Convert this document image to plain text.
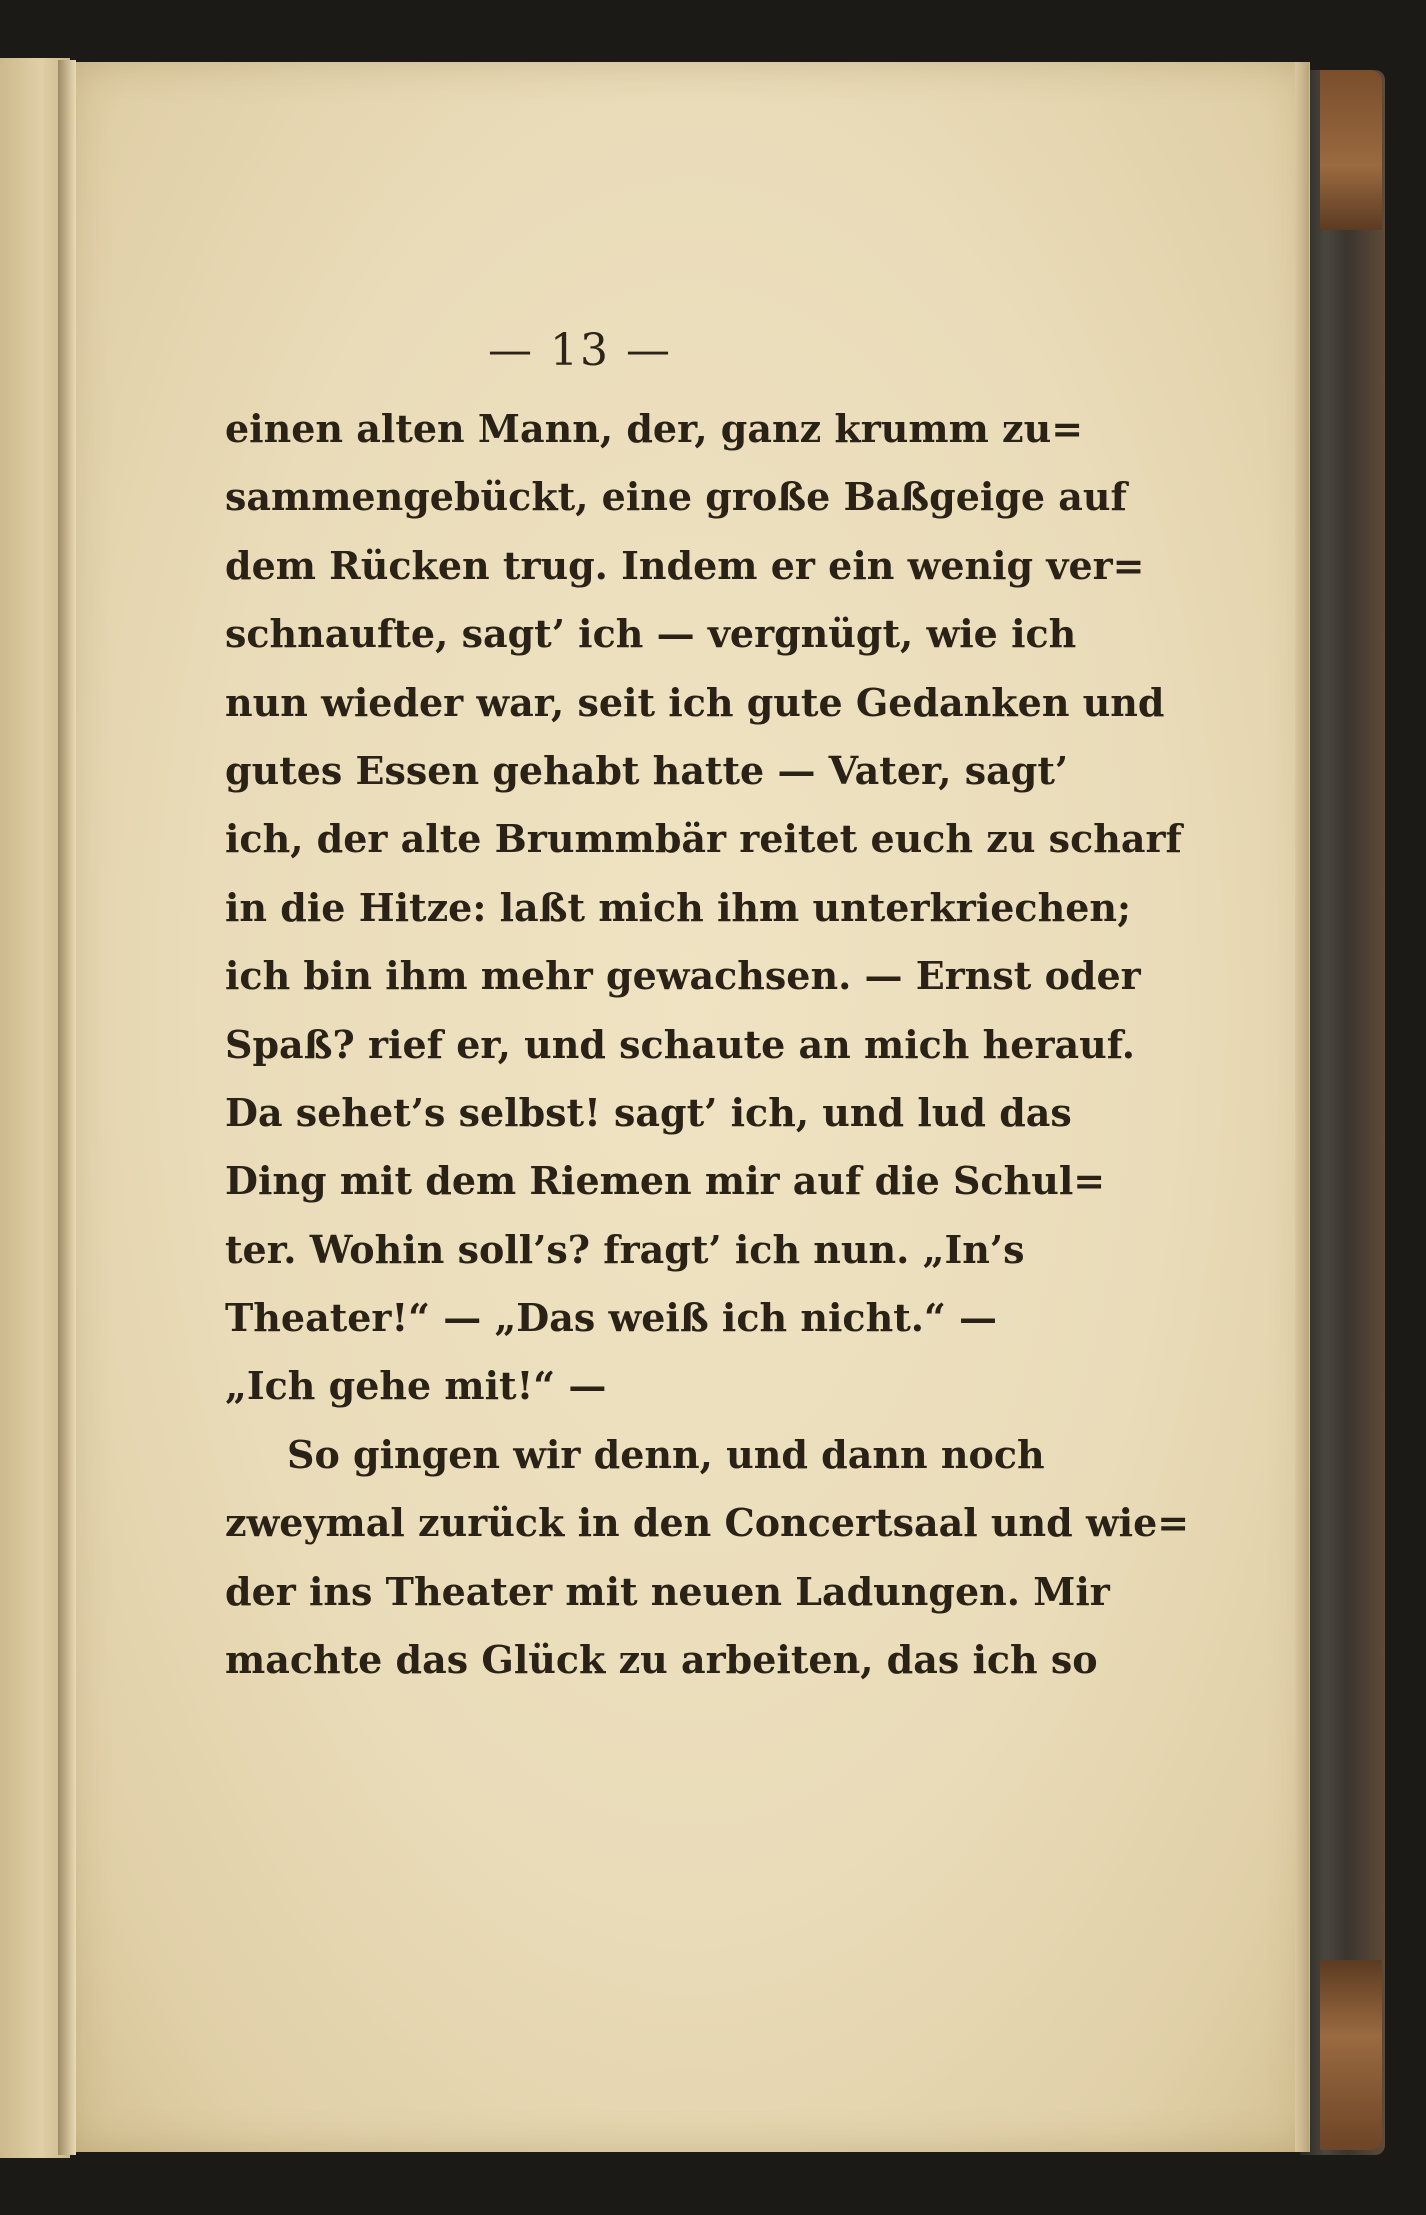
— 13 —
einen alten Mann, der, ganz krumm zu=
sammengebückt, eine große Baßgeige auf
dem Rücken trug. Indem er ein wenig ver=
schnaufte, sagt’ ich — vergnügt, wie ich
nun wieder war, seit ich gute Gedanken und
gutes Essen gehabt hatte — Vater, sagt’
ich, der alte Brummbär reitet euch zu scharf
in die Hitze: laßt mich ihm unterkriechen;
ich bin ihm mehr gewachsen. — Ernst oder
Spaß? rief er, und schaute an mich herauf.
Da sehet’s selbst! sagt’ ich, und lud das
Ding mit dem Riemen mir auf die Schul=
ter. Wohin soll’s? fragt’ ich nun. „In’s
Theater!“ — „Das weiß ich nicht.“ —
„Ich gehe mit!“ —
So gingen wir denn, und dann noch
zweymal zurück in den Concertsaal und wie=
der ins Theater mit neuen Ladungen. Mir
machte das Glück zu arbeiten, das ich so
